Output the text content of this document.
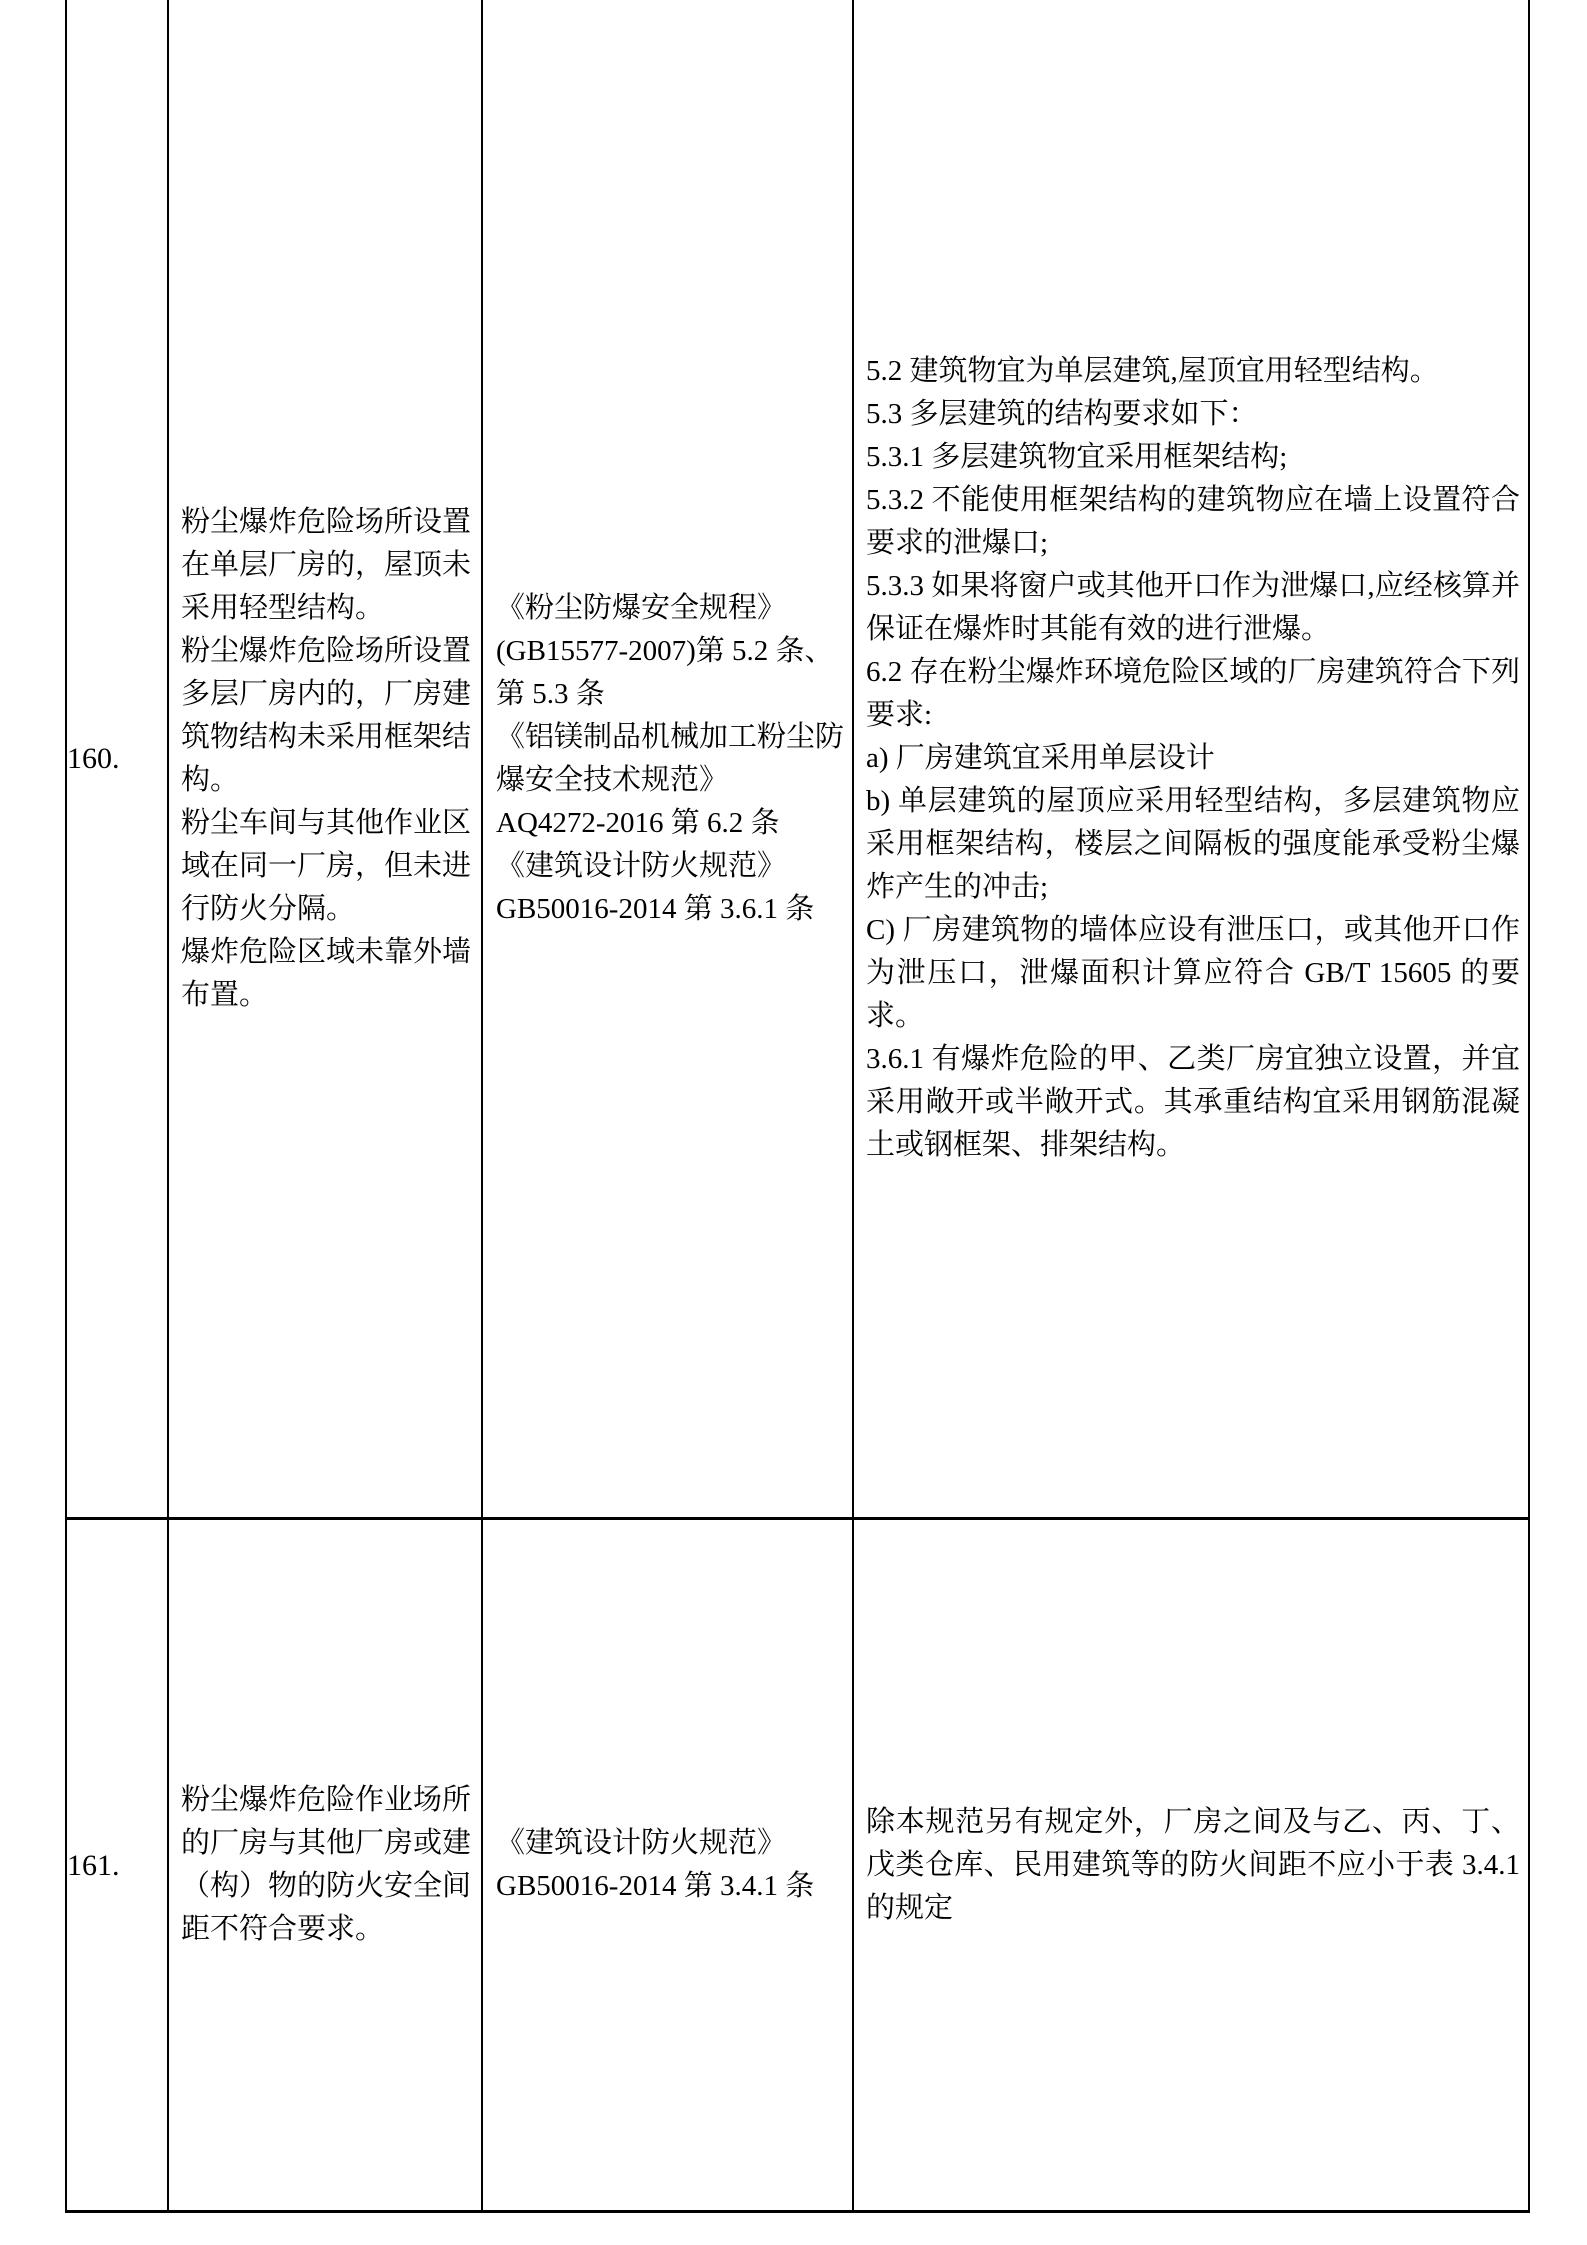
160.
粉尘爆炸危险场所设置在单层厂房的，屋顶未采用轻型结构。
粉尘爆炸危险场所设置多层厂房内的，厂房建筑物结构未采用框架结构。
粉尘车间与其他作业区域在同一厂房，但未进行防火分隔。
爆炸危险区域未靠外墙布置。
《粉尘防爆安全规程》(GB15577-2007)第 5.2 条、第 5.3 条
《铝镁制品机械加工粉尘防爆安全技术规范》
AQ4272-2016 第 6.2 条
《建筑设计防火规范》GB50016-2014 第 3.6.1 条
5.2 建筑物宜为单层建筑,屋顶宜用轻型结构。
5.3 多层建筑的结构要求如下：
5.3.1 多层建筑物宜采用框架结构;
5.3.2 不能使用框架结构的建筑物应在墙上设置符合要求的泄爆口;
5.3.3 如果将窗户或其他开口作为泄爆口,应经核算并保证在爆炸时其能有效的进行泄爆。
6.2 存在粉尘爆炸环境危险区域的厂房建筑符合下列要求:
a) 厂房建筑宜采用单层设计
b) 单层建筑的屋顶应采用轻型结构，多层建筑物应采用框架结构，楼层之间隔板的强度能承受粉尘爆炸产生的冲击;
C) 厂房建筑物的墙体应设有泄压口，或其他开口作为泄压口，泄爆面积计算应符合 GB/T 15605 的要求。
3.6.1 有爆炸危险的甲、乙类厂房宜独立设置，并宜采用敞开或半敞开式。其承重结构宜采用钢筋混凝土或钢框架、排架结构。
161.
粉尘爆炸危险作业场所的厂房与其他厂房或建（构）物的防火安全间距不符合要求。
《建筑设计防火规范》GB50016-2014 第 3.4.1 条
除本规范另有规定外，厂房之间及与乙、丙、丁、戊类仓库、民用建筑等的防火间距不应小于表 3.4.1 的规定
